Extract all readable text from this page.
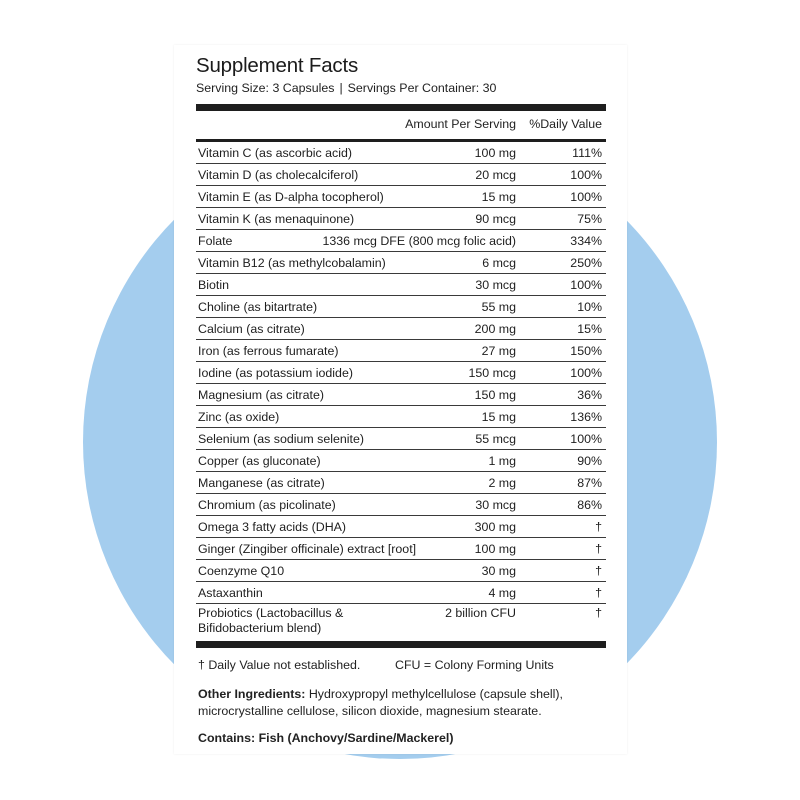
Supplement Facts
Serving Size: 3 Capsules | Servings Per Container: 30
Amount Per Serving %Daily Value
Vitamin C (as ascorbic acid)	100 mg	111%
Vitamin D (as cholecalciferol)	20 mcg	100%
Vitamin E (as D-alpha tocopherol)	15 mg	100%
Vitamin K (as menaquinone)	90 mcg	75%
Folate	1336 mcg DFE (800 mcg folic acid)	334%
Vitamin B12 (as methylcobalamin)	6 mcg	250%
Biotin	30 mcg	100%
Choline (as bitartrate)	55 mg	10%
Calcium (as citrate)	200 mg	15%
Iron (as ferrous fumarate)	27 mg	150%
Iodine (as potassium iodide)	150 mcg	100%
Magnesium (as citrate)	150 mg	36%
Zinc (as oxide)	15 mg	136%
Selenium (as sodium selenite)	55 mcg	100%
Copper (as gluconate)	1 mg	90%
Manganese (as citrate)	2 mg	87%
Chromium (as picolinate)	30 mcg	86%
Omega 3 fatty acids (DHA)	300 mg	†
Ginger (Zingiber officinale) extract [root]	100 mg	†
Coenzyme Q10	30 mg	†
Astaxanthin	4 mg	†
Probiotics (Lactobacillus &
Bifidobacterium blend)
2 billion CFU	†
† Daily Value not established.	CFU = Colony Forming Units
Other Ingredients: Hydroxypropyl methylcellulose (capsule shell), microcrystalline cellulose, silicon dioxide, magnesium stearate.
Contains: Fish (Anchovy/Sardine/Mackerel)
